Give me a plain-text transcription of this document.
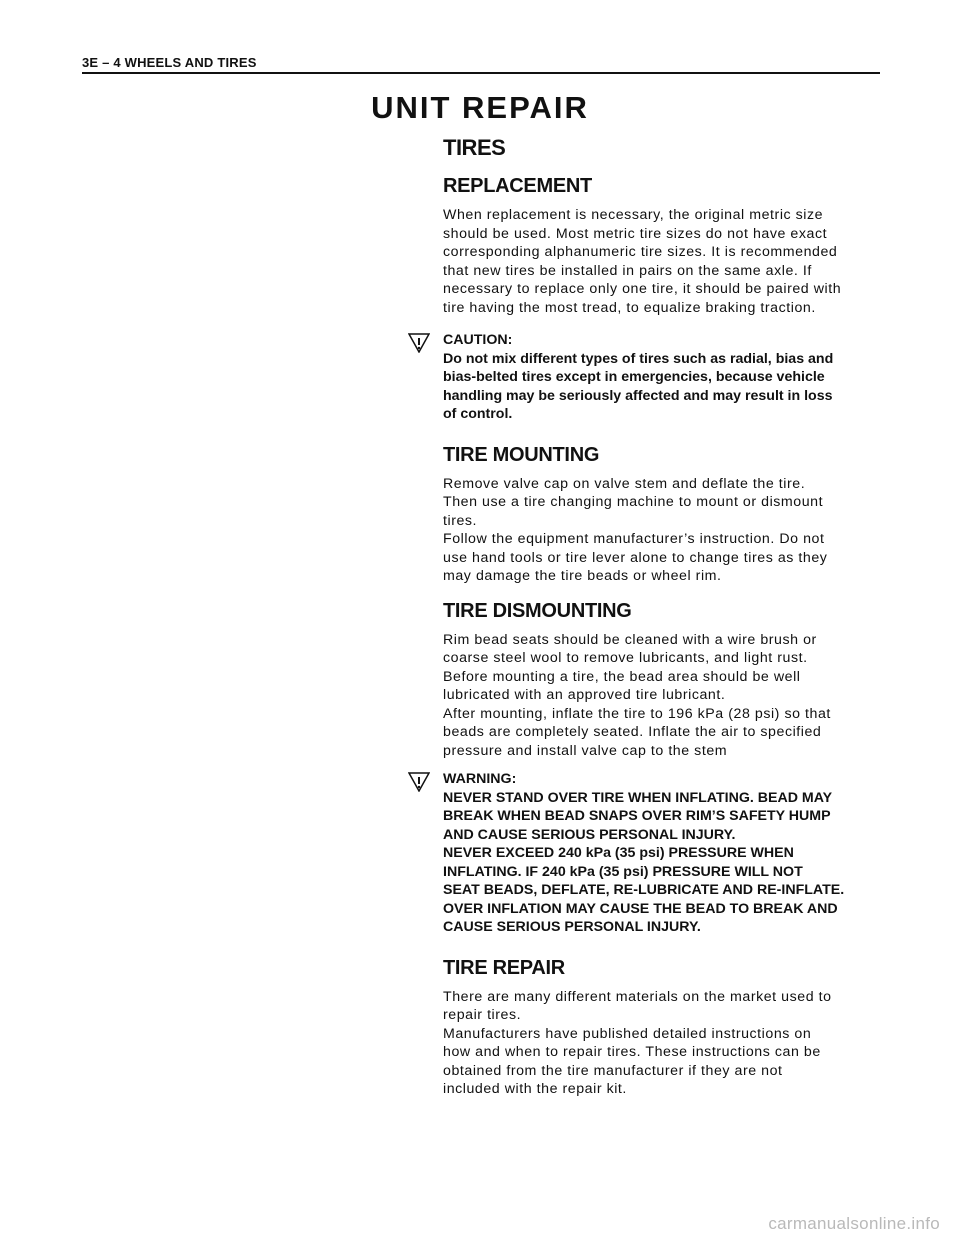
3E – 4 WHEELS AND TIRES
UNIT REPAIR
TIRES
REPLACEMENT

When replacement is necessary, the original metric size
should be used. Most metric tire sizes do not have exact
corresponding alphanumeric tire sizes. It is recommended
that new tires be installed in pairs on the same axle. If
necessary to replace only one tire, it should be paired with
tire having the most tread, to equalize braking traction.

CAUTION:
Do not mix different types of tires such as radial, bias and
bias-belted tires except in emergencies, because vehicle
handling may be seriously affected and may result in loss
of control.
TIRE MOUNTING

Remove valve cap on valve stem and deflate the tire.
Then use a tire changing machine to mount or dismount
tires.
Follow the equipment manufacturer’s instruction. Do not
use hand tools or tire lever alone to change tires as they
may damage the tire beads or wheel rim.

TIRE DISMOUNTING

Rim bead seats should be cleaned with a wire brush or
coarse steel wool to remove lubricants, and light rust.
Before mounting a tire, the bead area should be well
lubricated with an approved tire lubricant.
After mounting, inflate the tire to 196 kPa (28 psi) so that
beads are completely seated. Inflate the air to specified
pressure and install valve cap to the stem

WARNING:
NEVER STAND OVER TIRE WHEN INFLATING. BEAD MAY
BREAK WHEN BEAD SNAPS OVER RIM’S SAFETY HUMP
AND CAUSE SERIOUS PERSONAL INJURY.
NEVER EXCEED 240 kPa (35 psi) PRESSURE WHEN
INFLATING. IF 240 kPa (35 psi) PRESSURE WILL NOT
SEAT BEADS, DEFLATE, RE-LUBRICATE AND RE-INFLATE.
OVER INFLATION MAY CAUSE THE BEAD TO BREAK AND
CAUSE SERIOUS PERSONAL INJURY.
TIRE REPAIR

There are many different materials on the market used to
repair tires.
Manufacturers have published detailed instructions on
how and when to repair tires. These instructions can be
obtained from the tire manufacturer if they are not
included with the repair kit.

carmanualsonline.info
